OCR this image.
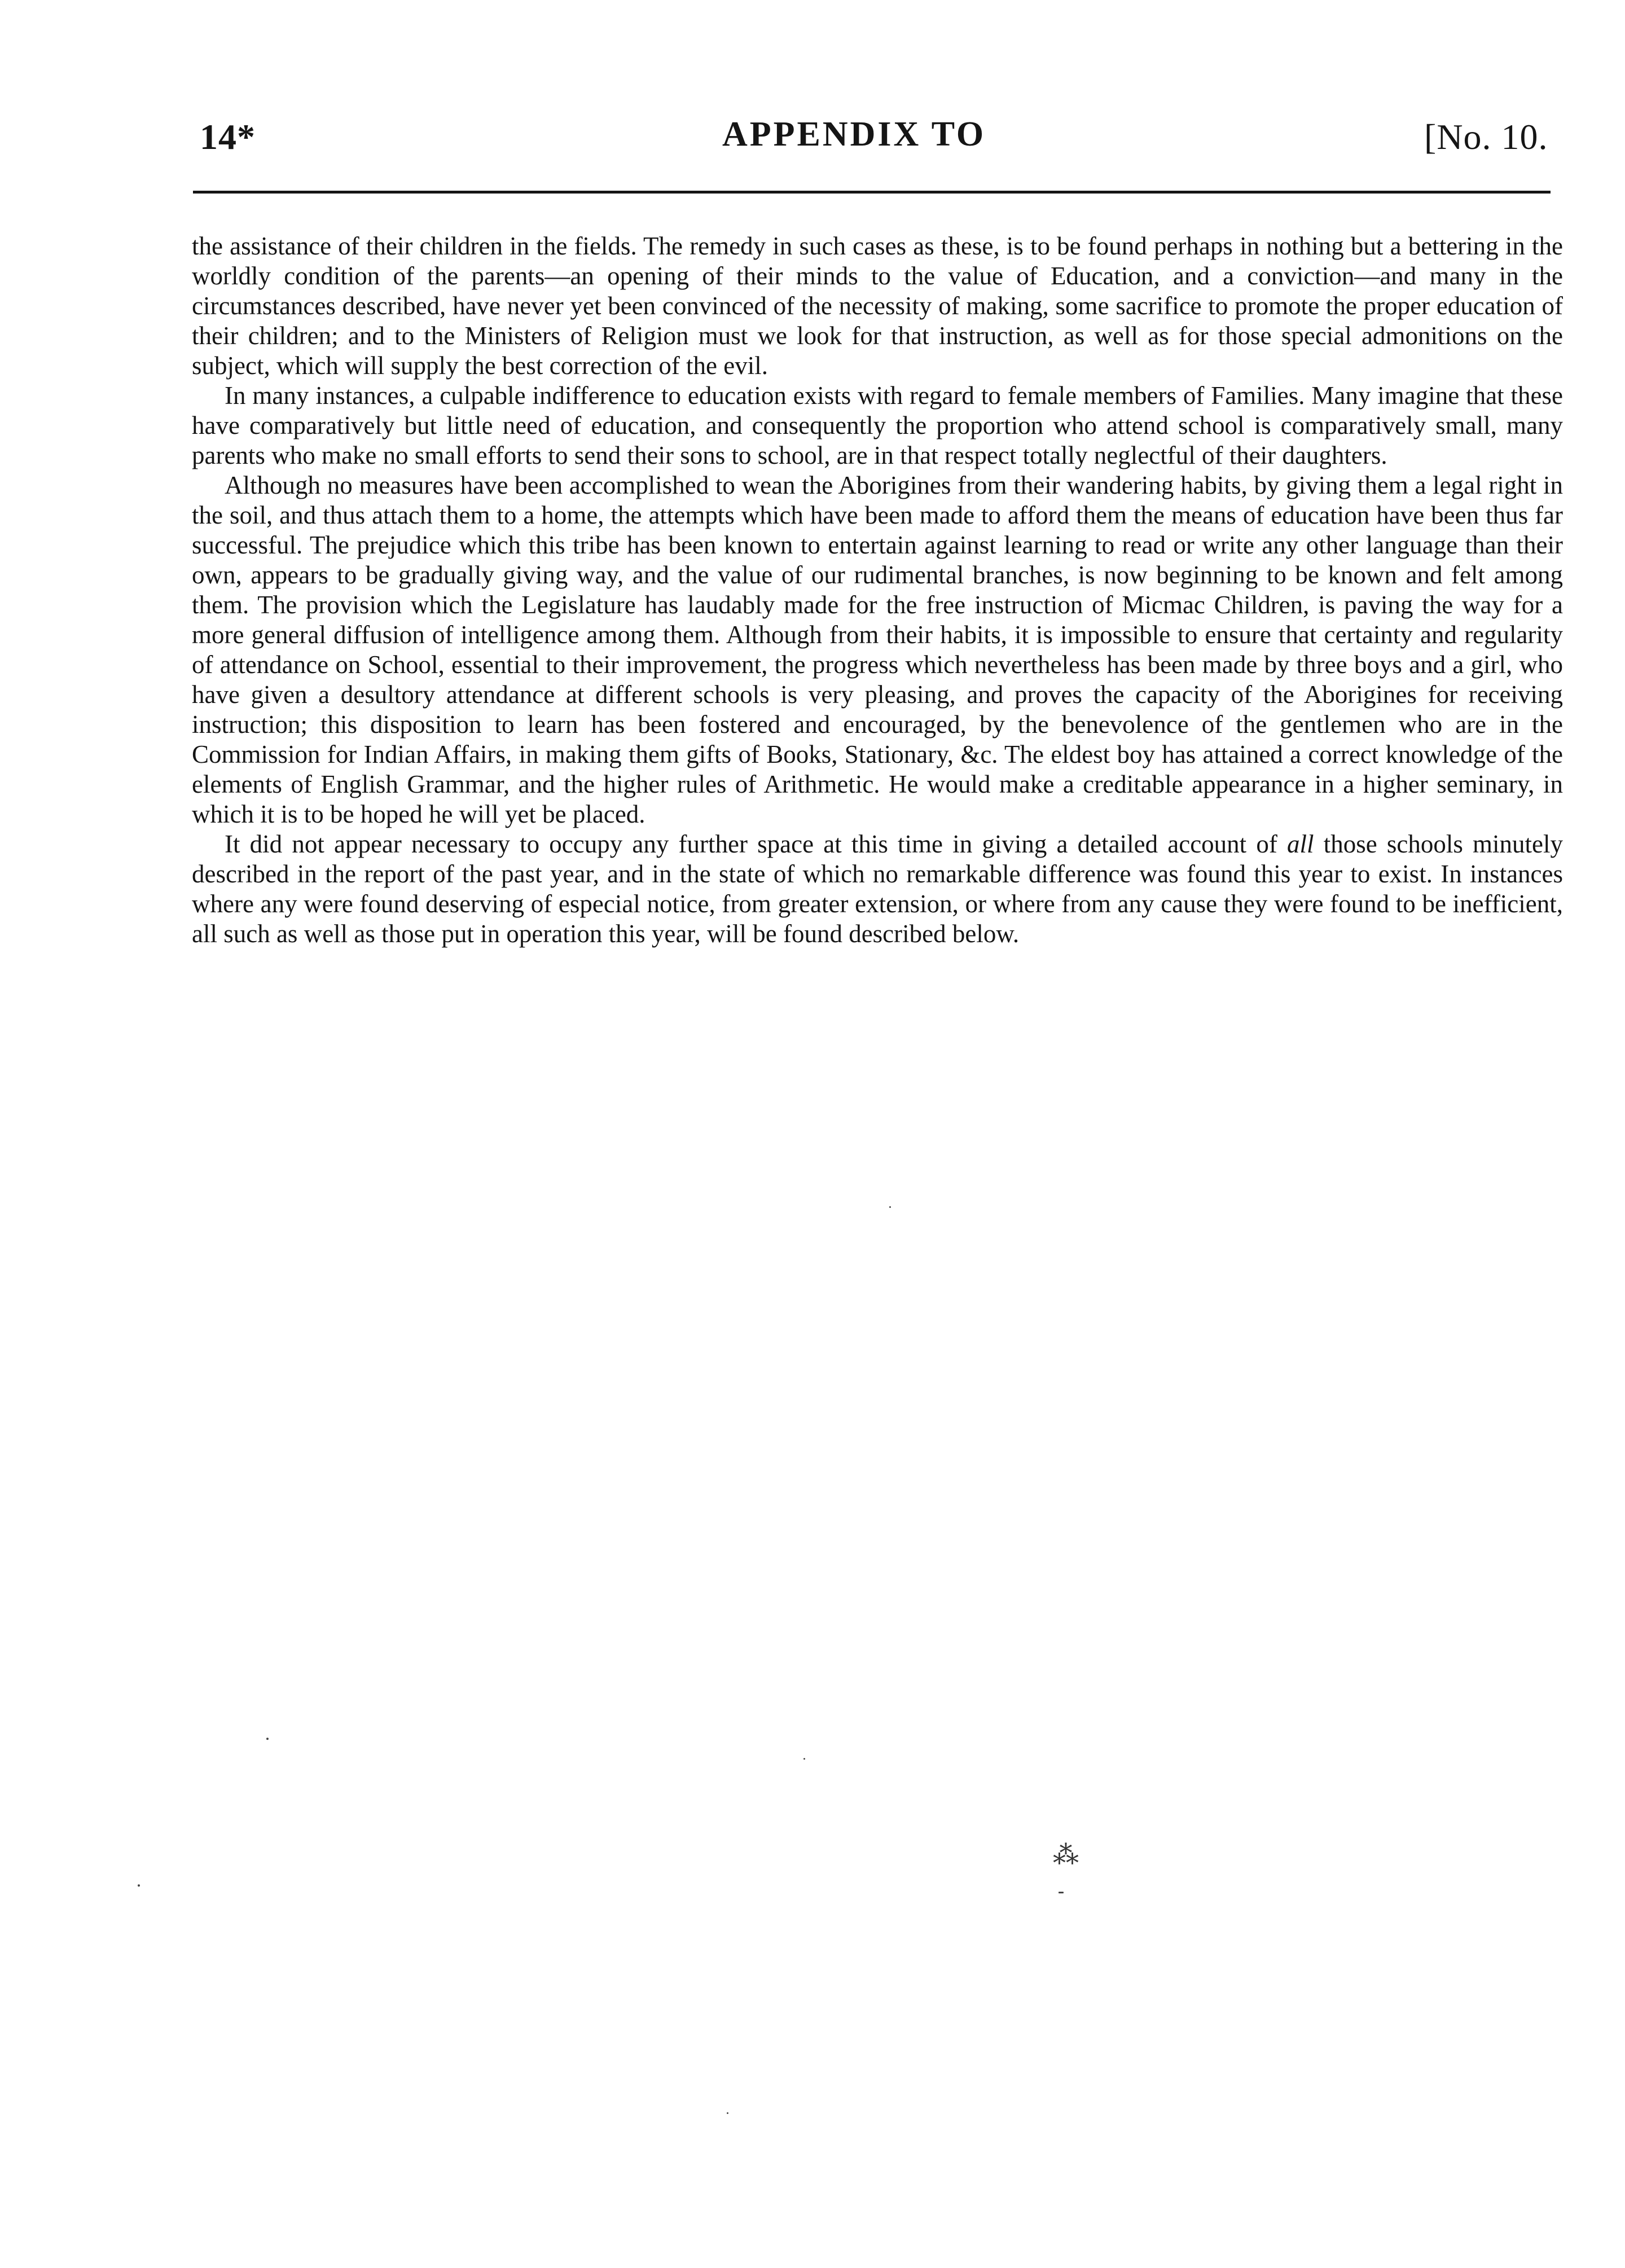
14*	APPENDIX TO	[No. 10.

the assistance of their children in the fields. The remedy in such cases as these, is to be found perhaps in nothing but a bettering in the worldly condition of the parents—an opening of their minds to the value of Education, and a conviction—and many in the circumstances described, have never yet been convinced of the necessity of making, some sacrifice to promote the proper education of their children; and to the Ministers of Religion must we look for that instruction, as well as for those special admonitions on the subject, which will supply the best correction of the evil.

In many instances, a culpable indifference to education exists with regard to female members of Families. Many imagine that these have comparatively but little need of education, and consequently the proportion who attend school is comparatively small, many parents who make no small efforts to send their sons to school, are in that respect totally neglectful of their daughters.

Although no measures have been accomplished to wean the Aborigines from their wandering habits, by giving them a legal right in the soil, and thus attach them to a home, the attempts which have been made to afford them the means of education have been thus far successful. The prejudice which this tribe has been known to entertain against learning to read or write any other language than their own, appears to be gradually giving way, and the value of our rudimental branches, is now beginning to be known and felt among them. The provision which the Legislature has laudably made for the free instruction of Micmac Children, is paving the way for a more general diffusion of intelligence among them. Although from their habits, it is impossible to ensure that certainty and regularity of attendance on School, essential to their improvement, the progress which nevertheless has been made by three boys and a girl, who have given a desultory attendance at different schools is very pleasing, and proves the capacity of the Aborigines for receiving instruction; this disposition to learn has been fostered and encouraged, by the benevolence of the gentlemen who are in the Commission for Indian Affairs, in making them gifts of Books, Stationary, &c. The eldest boy has attained a correct knowledge of the elements of English Grammar, and the higher rules of Arithmetic. He would make a creditable appearance in a higher seminary, in which it is to be hoped he will yet be placed.

It did not appear necessary to occupy any further space at this time in giving a detailed account of all those schools minutely described in the report of the past year, and in the state of which no remarkable difference was found this year to exist. In instances where any were found deserving of especial notice, from greater extension, or where from any cause they were found to be inefficient, all such as well as those put in operation this year, will be found described below.

⁂
